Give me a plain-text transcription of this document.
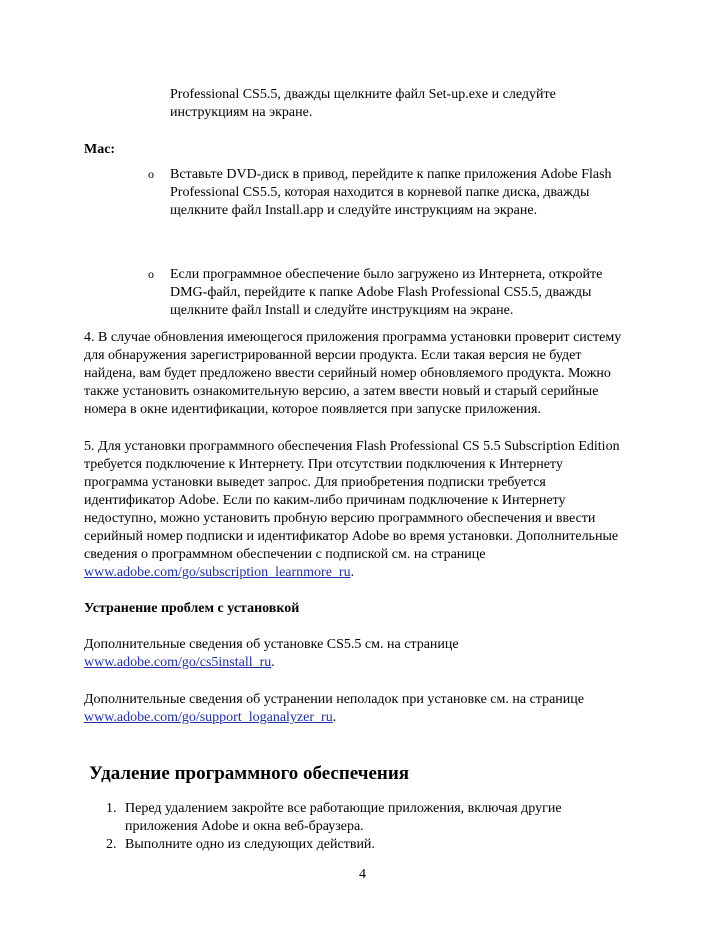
Professional CS5.5, дважды щелкните файл Set-up.exe и следуйте
инструкциям на экране.
Mac:
o Вставьте DVD-диск в привод, перейдите к папке приложения Adobe Flash
Professional CS5.5, которая находится в корневой папке диска, дважды
щелкните файл Install.app и следуйте инструкциям на экране.
o Если программное обеспечение было загружено из Интернета, откройте
DMG-файл, перейдите к папке Adobe Flash Professional CS5.5, дважды
щелкните файл Install и следуйте инструкциям на экране.
4. В случае обновления имеющегося приложения программа установки проверит систему
для обнаружения зарегистрированной версии продукта. Если такая версия не будет
найдена, вам будет предложено ввести серийный номер обновляемого продукта. Можно
также установить ознакомительную версию, а затем ввести новый и старый серийные
номера в окне идентификации, которое появляется при запуске приложения.
5. Для установки программного обеспечения Flash Professional CS 5.5 Subscription Edition
требуется подключение к Интернету. При отсутствии подключения к Интернету
программа установки выведет запрос. Для приобретения подписки требуется
идентификатор Adobe. Если по каким-либо причинам подключение к Интернету
недоступно, можно установить пробную версию программного обеспечения и ввести
серийный номер подписки и идентификатор Adobe во время установки. Дополнительные
сведения о программном обеспечении с подпиской см. на странице
www.adobe.com/go/subscription_learnmore_ru.
Устранение проблем с установкой
Дополнительные сведения об установке CS5.5 см. на странице
www.adobe.com/go/cs5install_ru.
Дополнительные сведения об устранении неполадок при установке см. на странице
www.adobe.com/go/support_loganalyzer_ru.
Удаление программного обеспечения
1. Перед удалением закройте все работающие приложения, включая другие
приложения Adobe и окна веб-браузера.
2. Выполните одно из следующих действий.
4
